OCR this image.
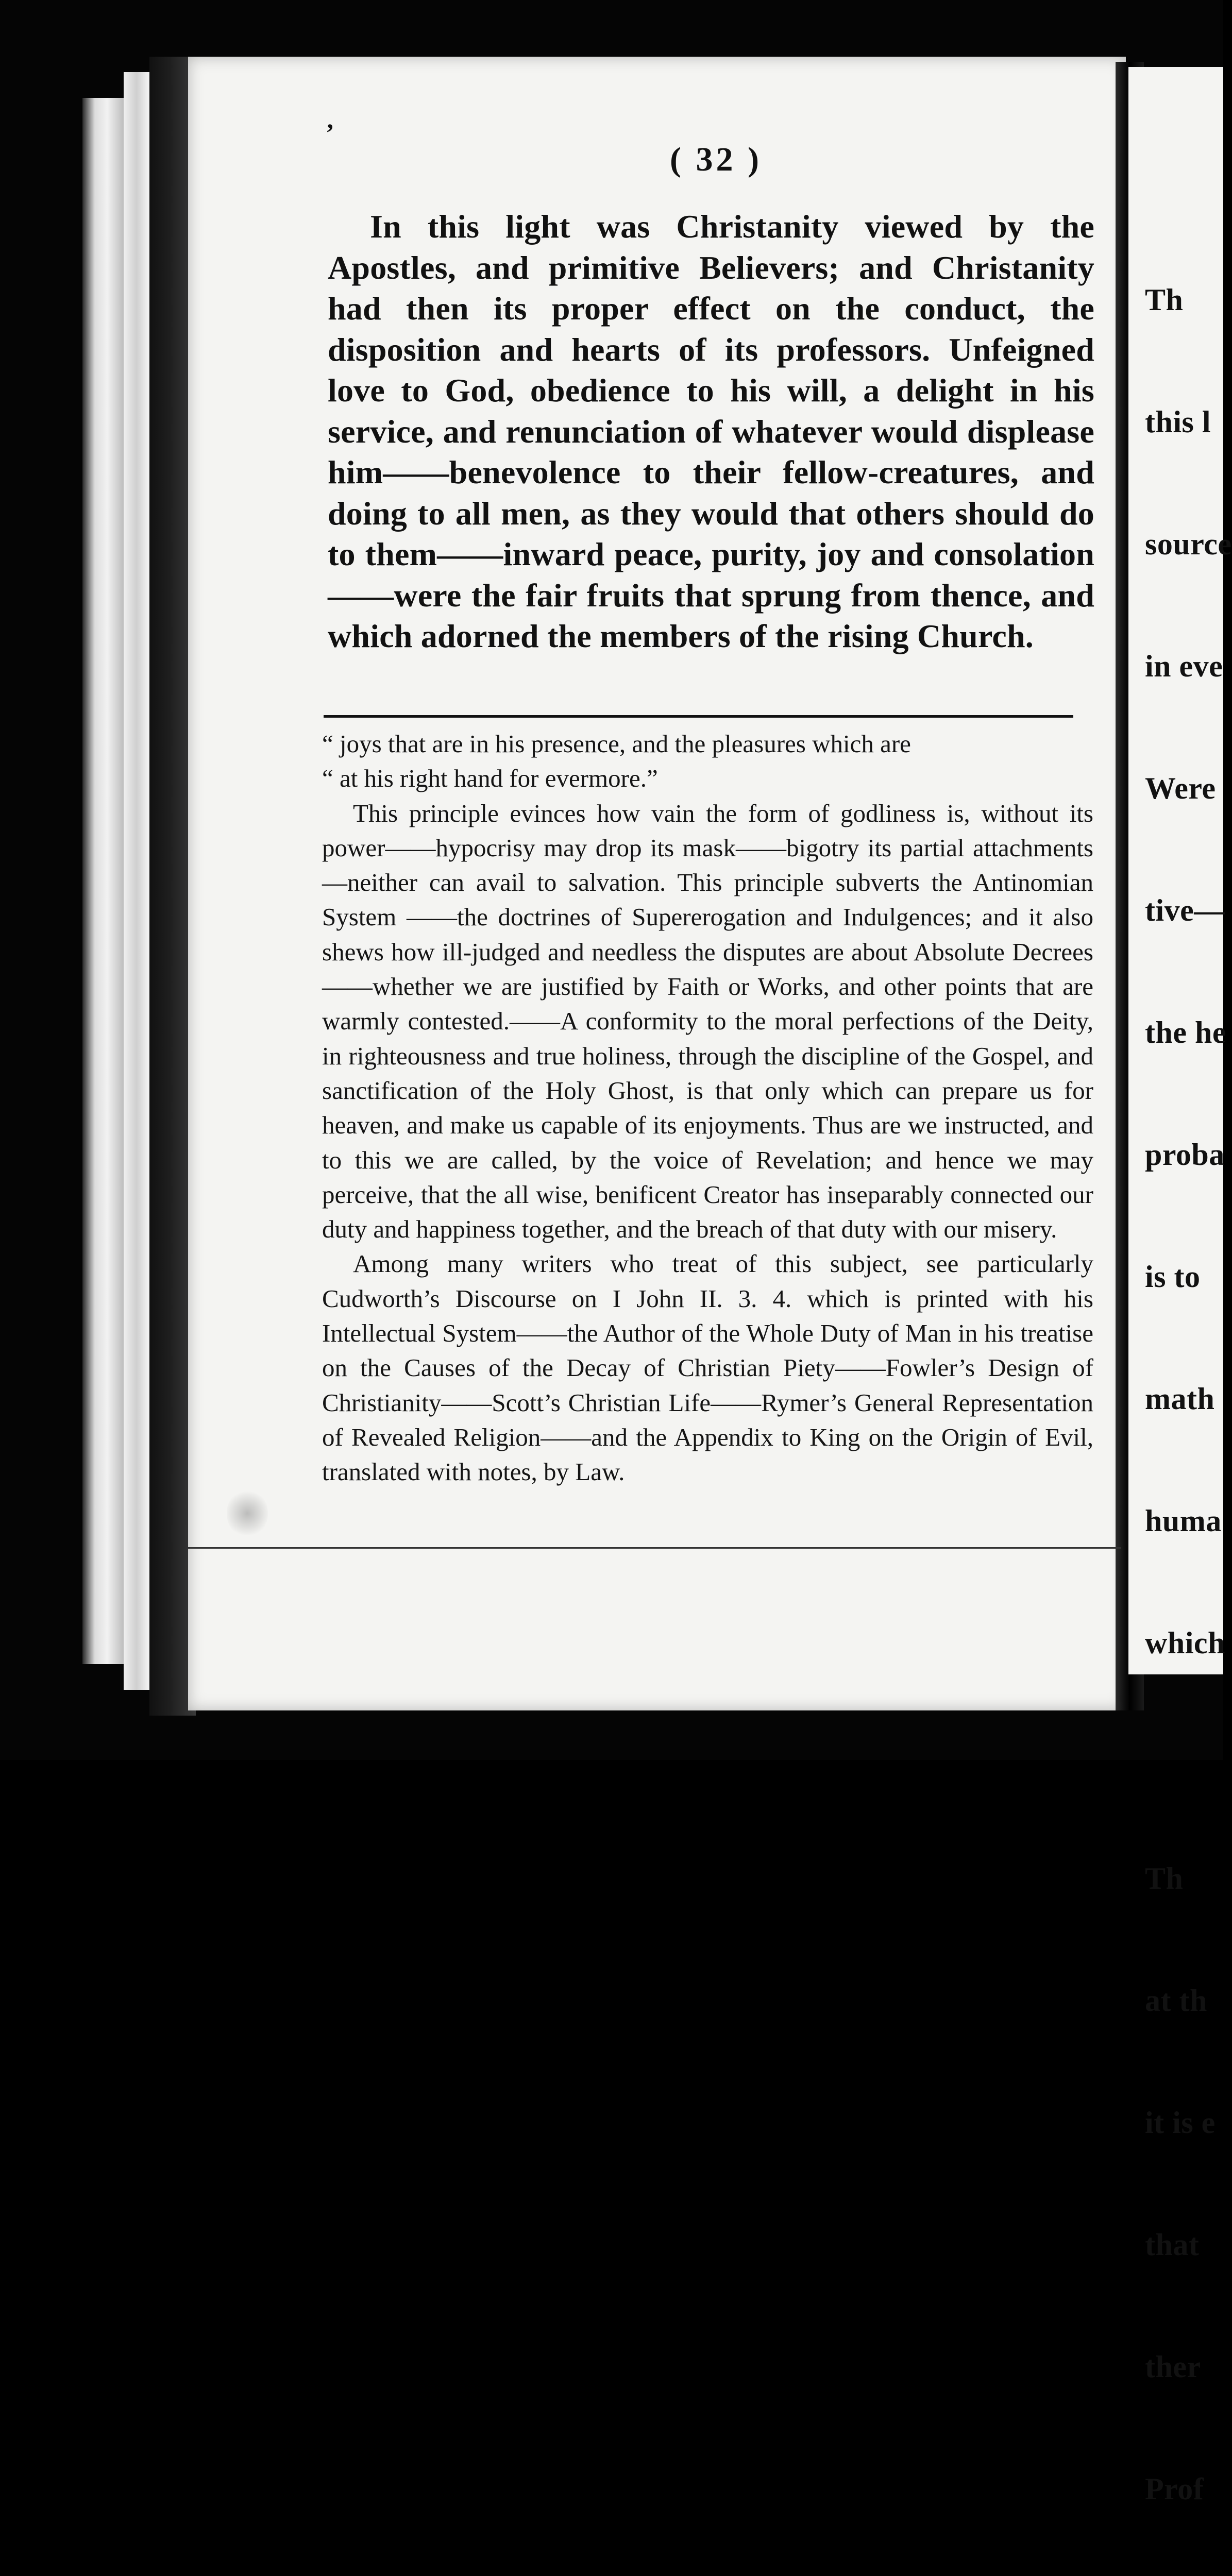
’
( 32 )

In this light was Christanity viewed by the Apostles, and primitive Believers; and Christanity had then its proper effect on the conduct, the disposition and hearts of its professors. Unfeigned love to God, obedience to his will, a delight in his service, and renunciation of whatever would displease him——benevolence to their fellow-creatures, and doing to all men, as they would that others should do to them——inward peace, purity, joy and consolation——were the fair fruits that sprung from thence, and which adorned the members of the rising Church.

“ joys that are in his presence, and the pleasures which are

“ at his right hand for evermore.”

This principle evinces how vain the form of godliness is, without its power——hypocrisy may drop its mask——bigotry its partial attachments—neither can avail to salvation. This principle subverts the Antinomian System ——the doctrines of Supererogation and Indulgences; and it also shews how ill-judged and needless the disputes are about Absolute Decrees——whether we are justified by Faith or Works, and other points that are warmly contested.——A conformity to the moral perfections of the Deity, in righteousness and true holiness, through the discipline of the Gospel, and sanctification of the Holy Ghost, is that only which can prepare us for heaven, and make us capable of its enjoyments. Thus are we instructed, and to this we are called, by the voice of Revelation; and hence we may perceive, that the all wise, benificent Creator has inseparably connected our duty and happiness together, and the breach of that duty with our misery.

Among many writers who treat of this subject, see particularly Cudworth’s Discourse on I John II. 3. 4. which is printed with his Intellectual System——the Author of the Whole Duty of Man in his treatise on the Causes of the Decay of Christian Piety——Fowler’s Design of Christianity——Scott’s Christian Life——Rymer’s General Representation of Revealed Religion——and the Appendix to King on the Origin of Evil, translated with notes, by Law.

Th

this l

source

in eve

Were

tive—

the he

proba

is to

math

huma

which

Th

at th

it is e

that

ther

Prof
